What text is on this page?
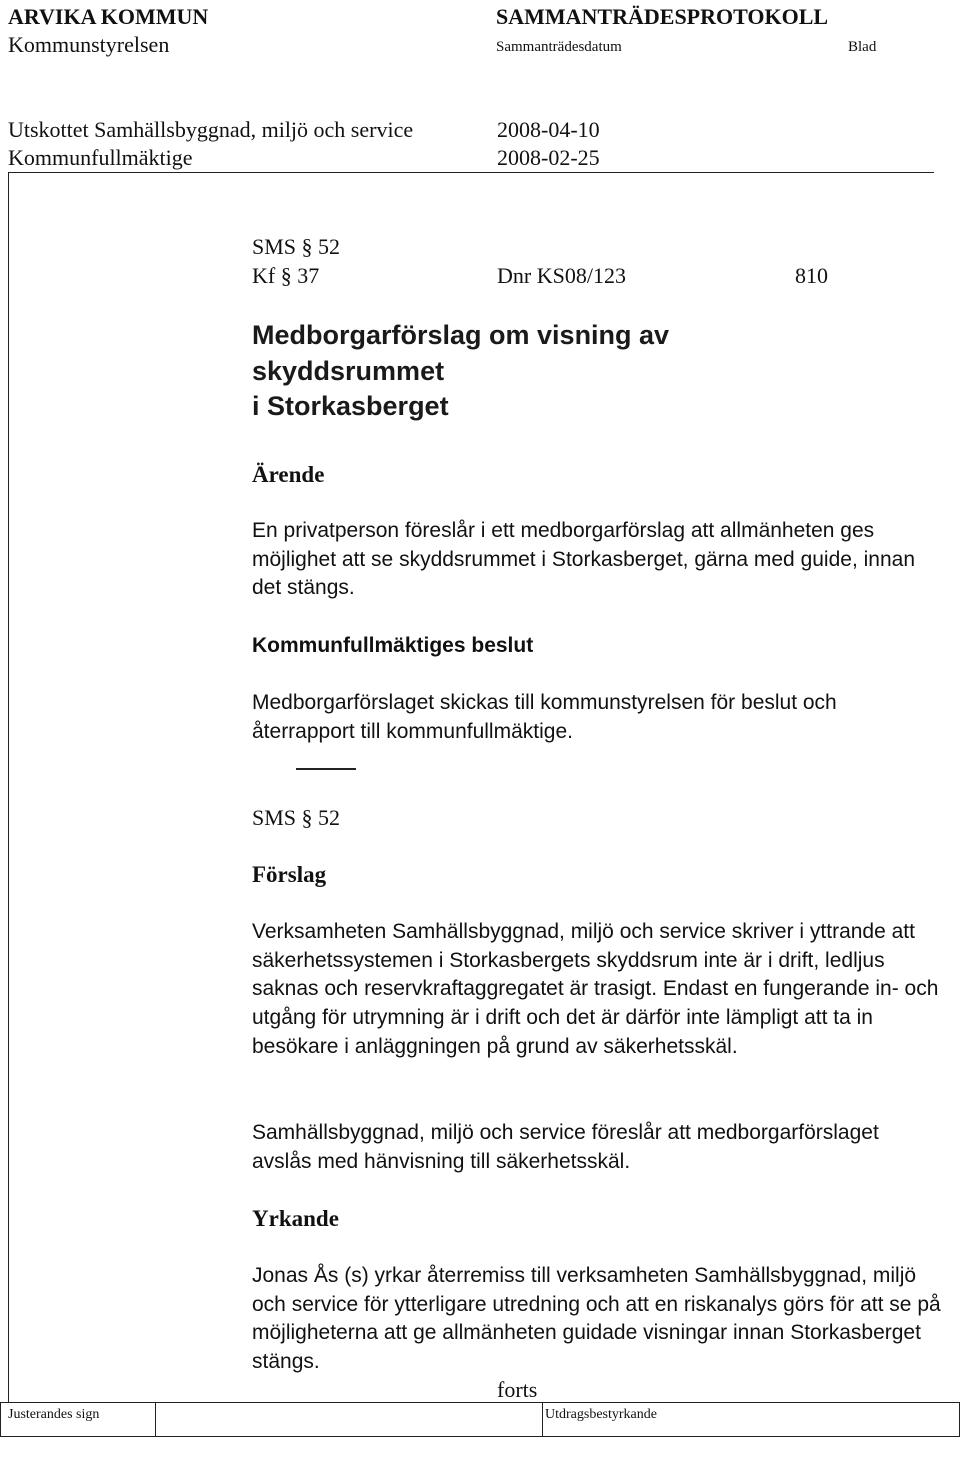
ARVIKA KOMMUN
Kommunstyrelsen
SAMMANTRÄDESPROTOKOLL
Sammanträdesdatum	Blad
Utskottet Samhällsbyggnad, miljö och service	2008-04-10
Kommunfullmäktige	2008-02-25
SMS § 52
Kf § 37	Dnr KS08/123	810
Medborgarförslag om visning av
skyddsrummet
i Storkasberget
Ärende
En privatperson föreslår i ett medborgarförslag att allmänheten ges möjlighet att se skyddsrummet i Storkasberget, gärna med guide, innan det stängs.
Kommunfullmäktiges beslut
Medborgarförslaget skickas till kommunstyrelsen för beslut och återrapport till kommunfullmäktige.
SMS § 52
Förslag
Verksamheten Samhällsbyggnad, miljö och service skriver i yttrande att säkerhetssystemen i Storkasbergets skyddsrum inte är i drift, ledljus saknas och reservkraftaggregatet är trasigt. Endast en fungerande in- och utgång för utrymning är i drift och det är därför inte lämpligt att ta in besökare i anläggningen på grund av säkerhetsskäl.
Samhällsbyggnad, miljö och service föreslår att medborgarförslaget avslås med hänvisning till säkerhetsskäl.
Yrkande
Jonas Ås (s) yrkar återremiss till verksamheten Samhällsbyggnad, miljö och service för ytterligare utredning och att en riskanalys görs för att se på möjligheterna att ge allmänheten guidade visningar innan Storkasberget stängs.
forts
Justerandes sign	Utdragsbestyrkande
